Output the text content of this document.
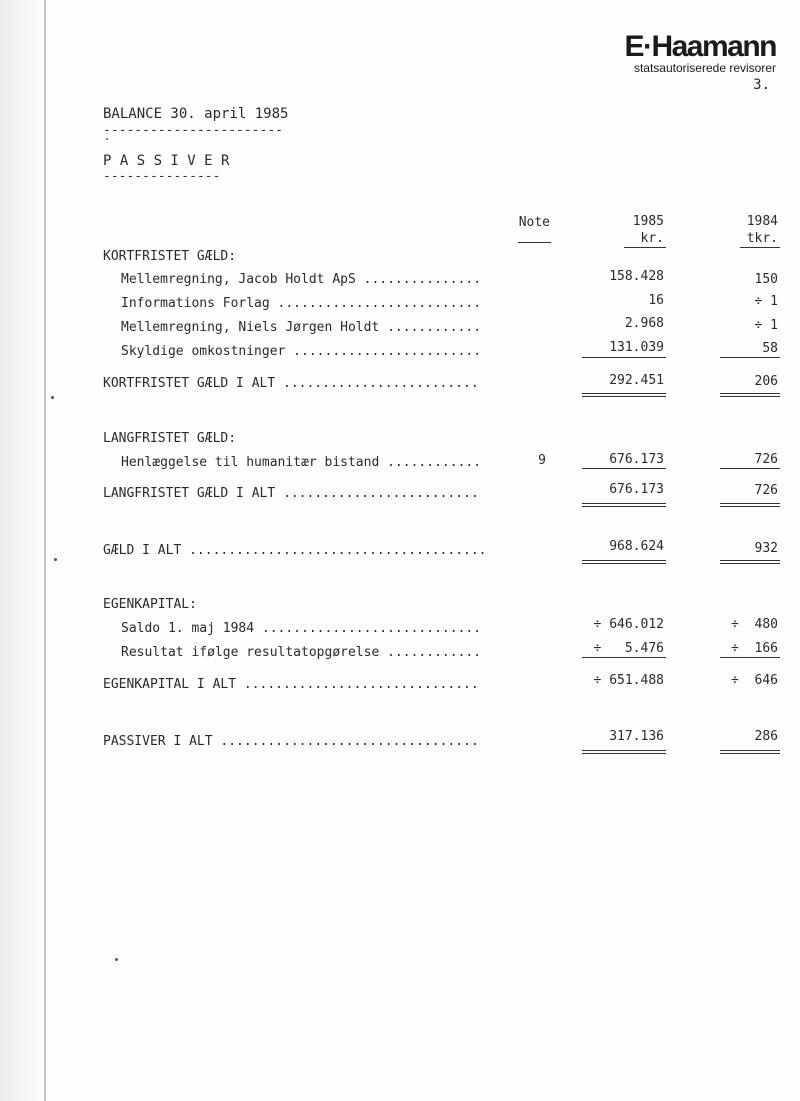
E·Haamann
statsautoriserede revisorer
3.
BALANCE 30. april 1985
-----------------------
P A S S I V E R
---------------
Note	1985
kr.
1984
tkr.
KORTFRISTET GÆLD:
Mellemregning, Jacob Holdt ApS ...............	158.428	150
Informations Forlag ..........................	16	÷ 1
Mellemregning, Niels Jørgen Holdt ............	2.968	÷ 1
Skyldige omkostninger ........................	131.039	58
KORTFRISTET GÆLD I ALT .........................	292.451	206
LANGFRISTET GÆLD:
Henlæggelse til humanitær bistand ............	9	676.173	726
LANGFRISTET GÆLD I ALT .........................	676.173	726
GÆLD I ALT ......................................	968.624	932
EGENKAPITAL:
Saldo 1. maj 1984 ............................	÷ 646.012	÷  480
Resultat ifølge resultatopgørelse ............	÷   5.476	÷  166
EGENKAPITAL I ALT ..............................	÷ 651.488	÷  646
PASSIVER I ALT .................................	317.136	286
